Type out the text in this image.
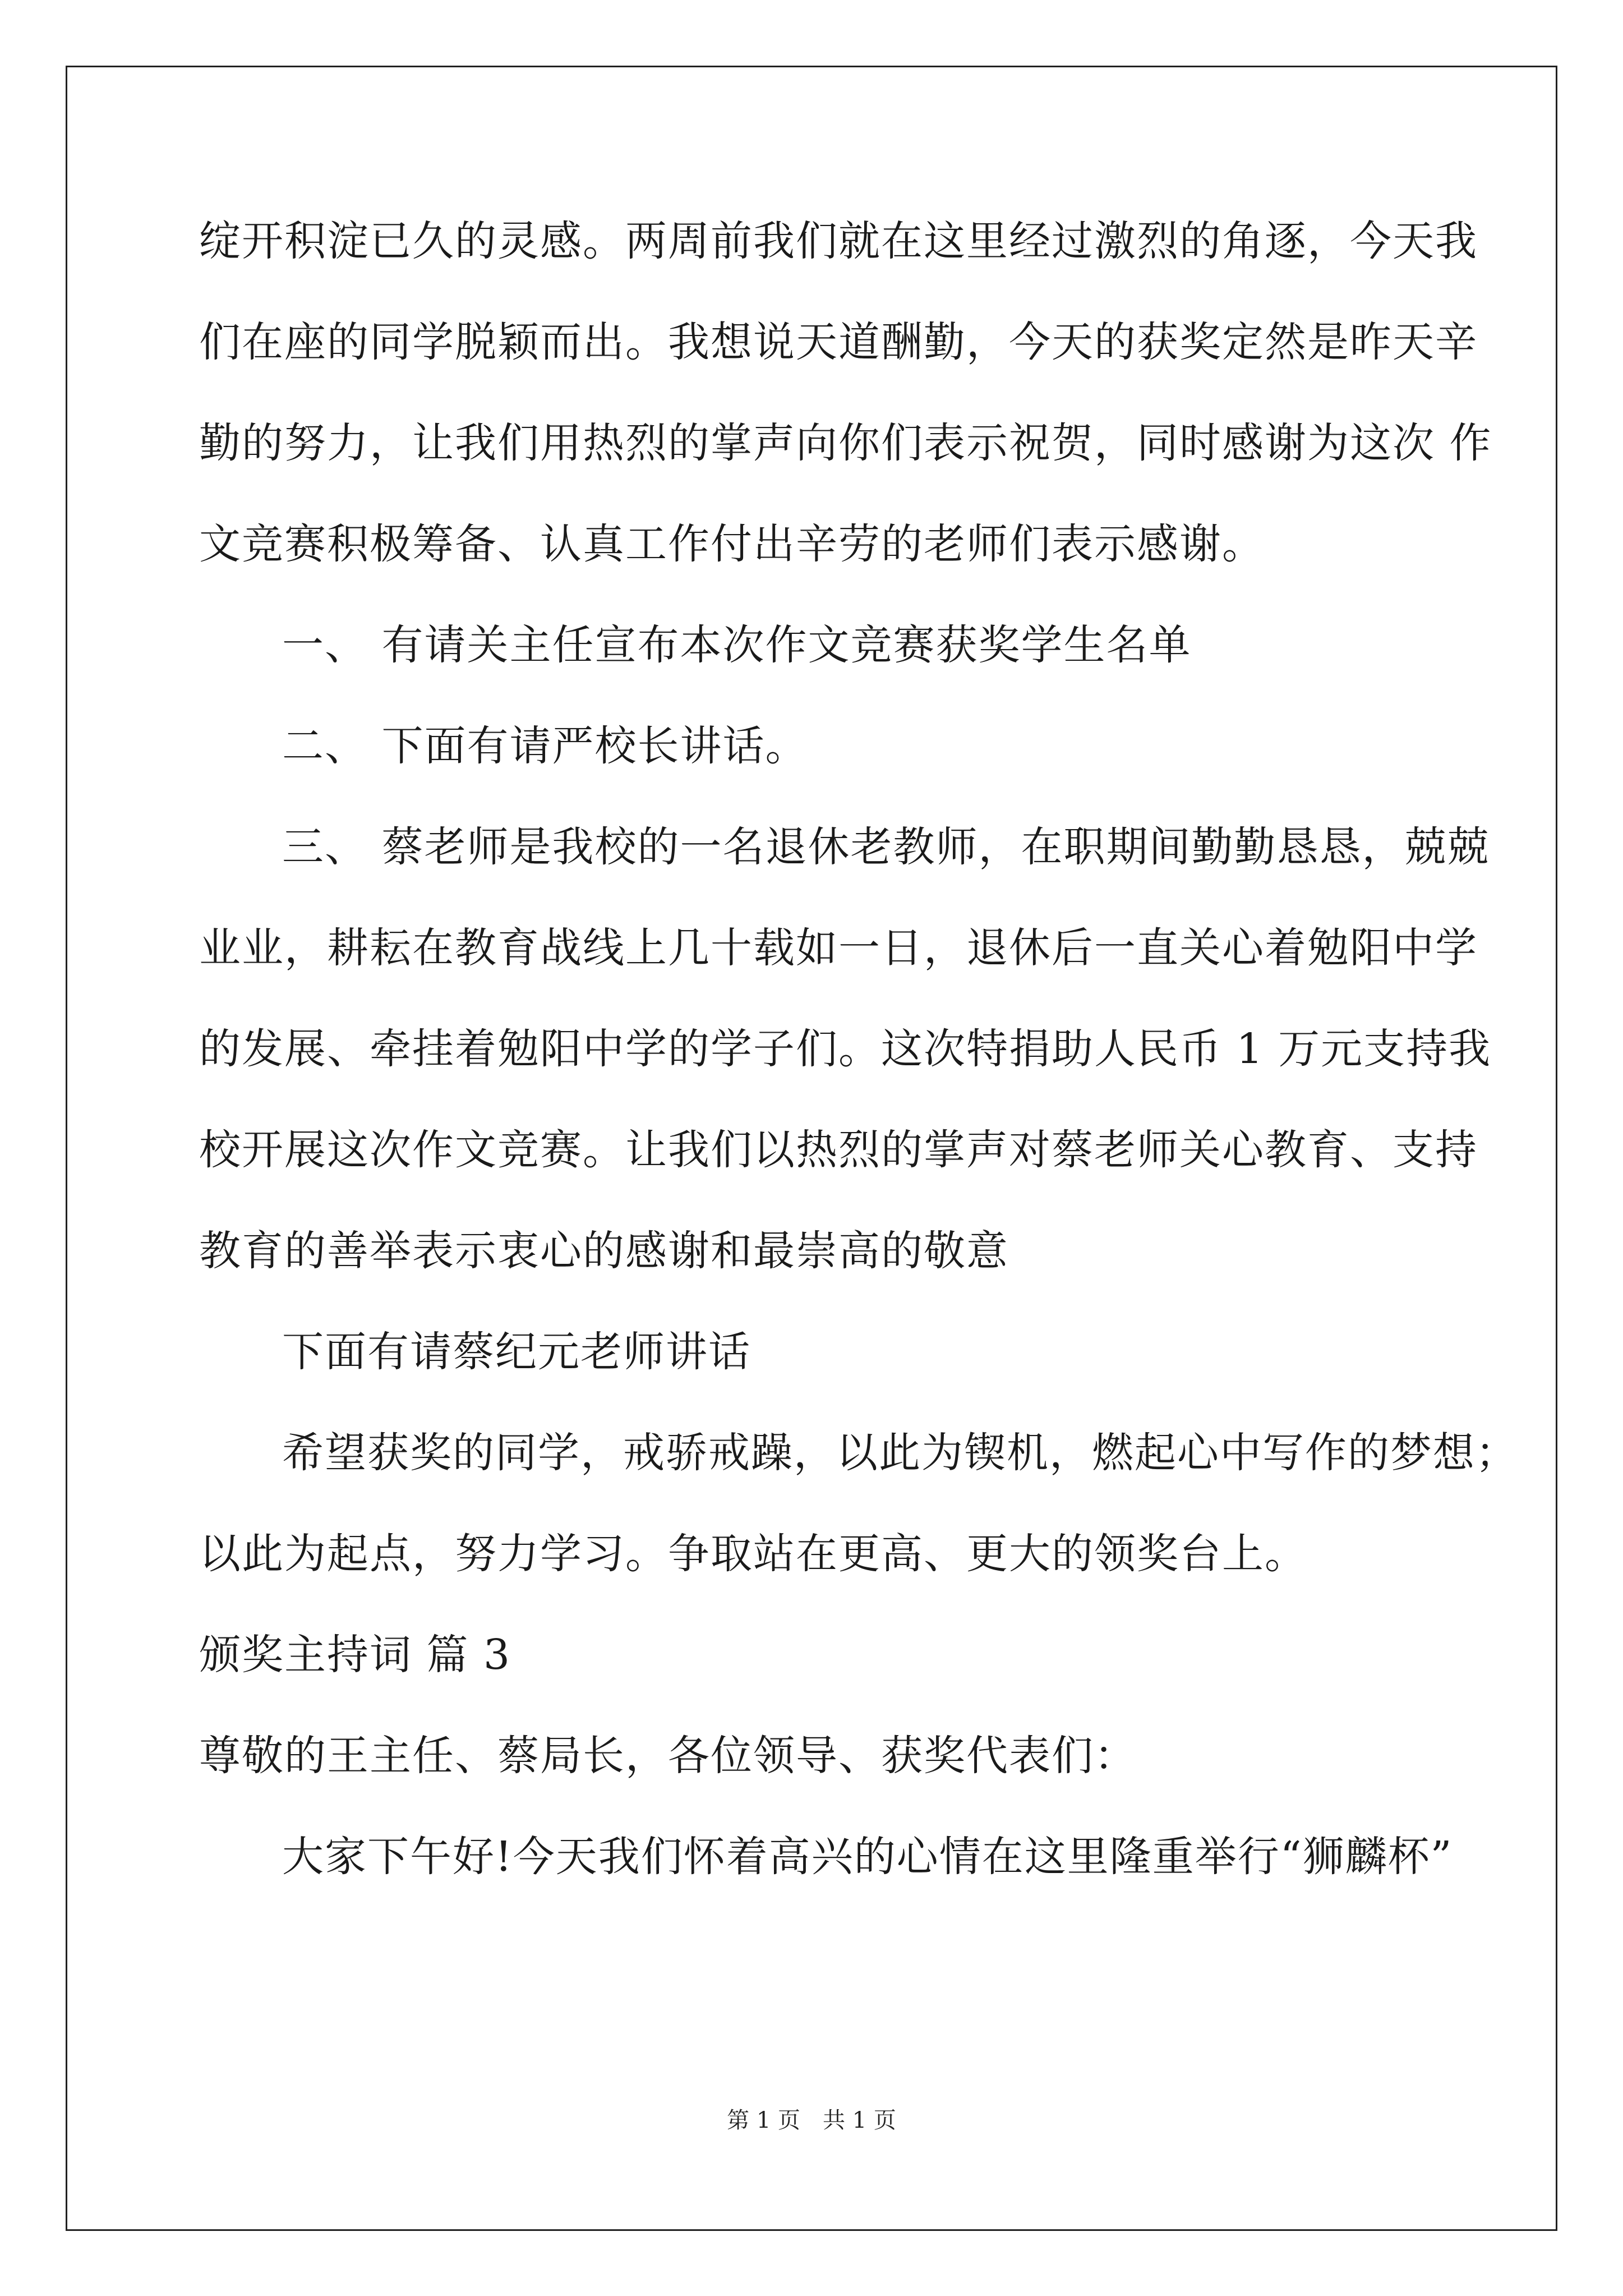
绽开积淀已久的灵感。两周前我们就在这里经过激烈的角逐，今天我
们在座的同学脱颖而出。我想说天道酬勤，今天的获奖定然是昨天辛
勤的努力，让我们用热烈的掌声向你们表示祝贺，同时感谢为这次 作
文竞赛积极筹备、认真工作付出辛劳的老师们表示感谢。
一、 有请关主任宣布本次作文竞赛获奖学生名单
二、 下面有请严校长讲话。
三、 蔡老师是我校的一名退休老教师，在职期间勤勤恳恳，兢兢
业业，耕耘在教育战线上几十载如一日，退休后一直关心着勉阳中学
的发展、牵挂着勉阳中学的学子们。这次特捐助人民币 1 万元支持我
校开展这次作文竞赛。让我们以热烈的掌声对蔡老师关心教育、支持
教育的善举表示衷心的感谢和最崇高的敬意
下面有请蔡纪元老师讲话
希望获奖的同学，戒骄戒躁，以此为锲机，燃起心中写作的梦想；
以此为起点，努力学习。争取站在更高、更大的领奖台上。
颁奖主持词 篇 3
尊敬的王主任、蔡局长，各位领导、获奖代表们：
大家下午好!今天我们怀着高兴的心情在这里隆重举行“狮麟杯”
第 1 页　共 1 页
